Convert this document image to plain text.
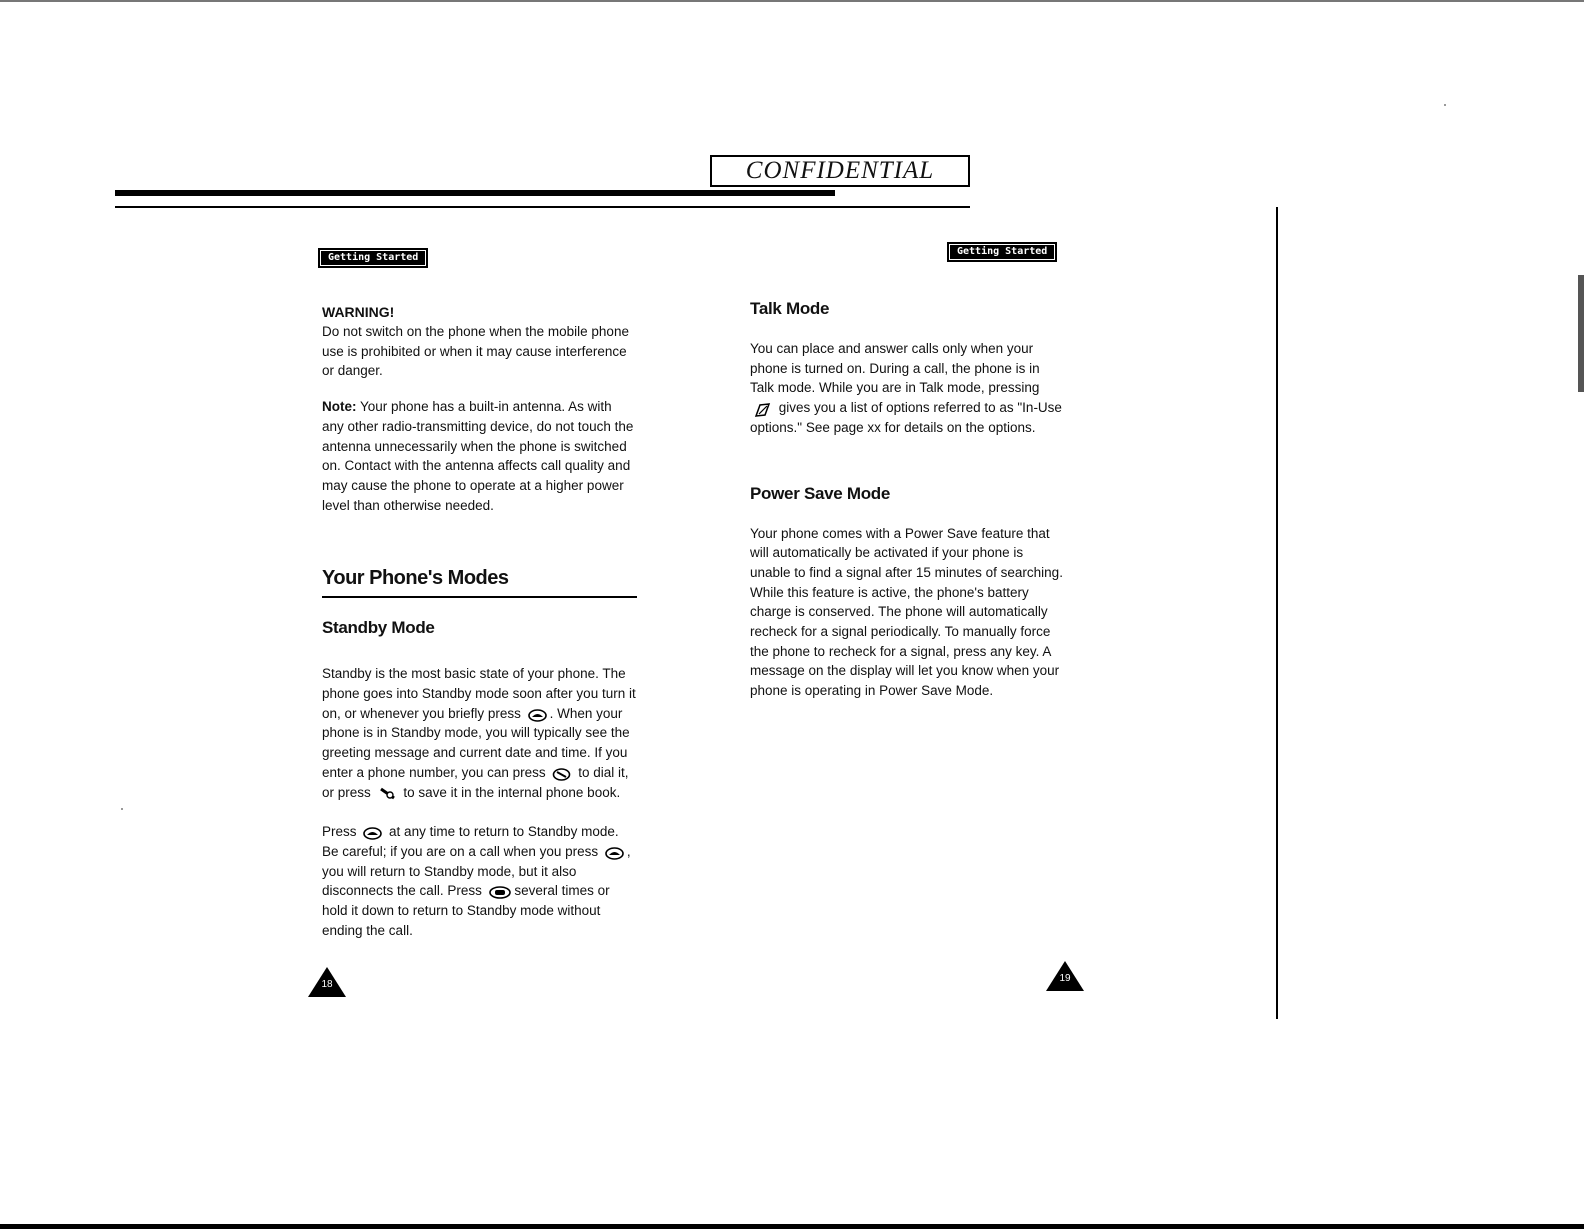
CONFIDENTIAL
Getting Started
WARNING!

Do not switch on the phone when the mobile phone use is prohibited or when it may cause interference or danger.

Note: Your phone has a built-in antenna. As with any other radio-transmitting device, do not touch the antenna unnecessarily when the phone is switched on. Contact with the antenna affects call quality and may cause the phone to operate at a higher power level than otherwise needed.

Your Phone's Modes
Standby Mode

Standby is the most basic state of your phone. The phone goes into Standby mode soon after you turn it on, or whenever you briefly press . When your phone is in Standby mode, you will typically see the greeting message and current date and time. If you enter a phone number, you can press to dial it, or press to save it in the internal phone book.

Press at any time to return to Standby mode. Be careful; if you are on a call when you press , you will return to Standby mode, but it also disconnects the call. Press several times or hold it down to return to Standby mode without ending the call.

18
Getting Started
Talk Mode

You can place and answer calls only when your phone is turned on. During a call, the phone is in Talk mode. While you are in Talk mode, pressing  gives you a list of options referred to as "In-Use options." See page xx for details on the options.

Power Save Mode

Your phone comes with a Power Save feature that will automatically be activated if your phone is unable to find a signal after 15 minutes of searching. While this feature is active, the phone's battery charge is conserved. The phone will automatically recheck for a signal periodically. To manually force the phone to recheck for a signal, press any key. A message on the display will let you know when your phone is operating in Power Save Mode.

19
